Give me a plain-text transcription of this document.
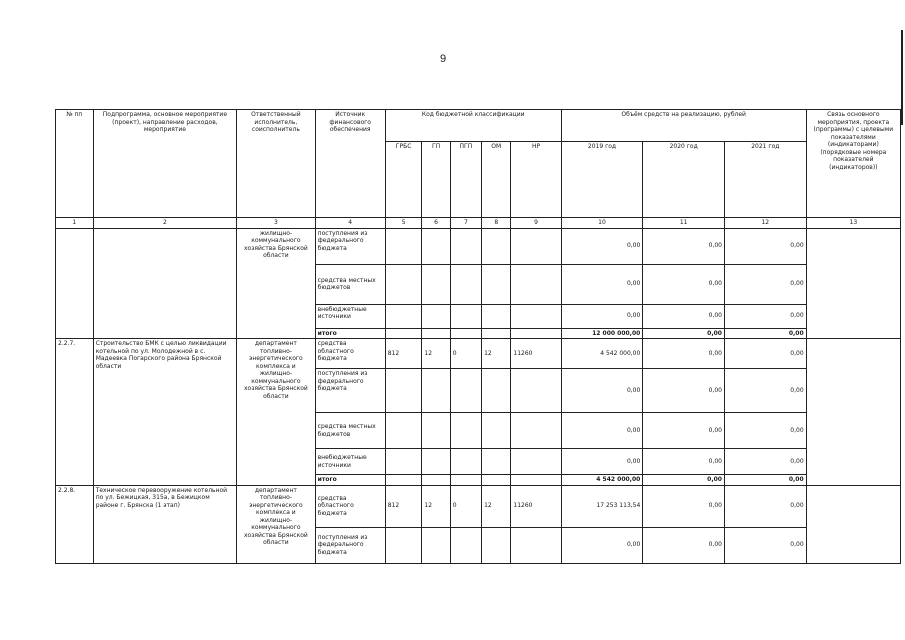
9
№ пп	Подпрограмма, основное мероприятие (проект), направление расходов, мероприятие	Ответственный исполнитель, соисполнитель	Источник финансового обеспечения	Код бюджетной классификации					Объём средств на реализацию, рублей			Связь основного мероприятия, проекта (программы) с целевыми показателями (индикаторами) (порядковые номера показателей (индикаторов))
				ГРБС	ГП	ПГП	ОМ	НР	2019 год	2020 год	2021 год	
1	2	3	4	5	6	7	8	9	10	11	12	13
		жилищно-коммунального хозяйства Брянской области	поступления из федерального бюджета						0,00	0,00	0,00	
			средства местных бюджетов						0,00	0,00	0,00	
			внебюджетные источники						0,00	0,00	0,00	
			итого						12 000 000,00	0,00	0,00	
2.2.7.	Строительство БМК с целью ликвидации котельной по ул. Молодежной в с. Мадеевка Погарского района Брянской области	департамент топливно-энергетического комплекса и жилищно-коммунального хозяйства Брянской области	средства областного бюджета	812	12	0	12	11260	4 542 000,00	0,00	0,00	
			поступления из федерального бюджета						0,00	0,00	0,00	
			средства местных бюджетов						0,00	0,00	0,00	
			внебюджетные источники						0,00	0,00	0,00	
			итого						4 542 000,00	0,00	0,00	
2.2.8.	Техническое перевооружение котельной по ул. Бежицкая, 315а, в Бежицком районе г. Брянска (1 этап)	департамент топливно-энергетического комплекса и жилищно-коммунального хозяйства Брянской области	средства областного бюджета	812	12	0	12	11260	17 253 113,54	0,00	0,00	
			поступления из федерального бюджета						0,00	0,00	0,00	
